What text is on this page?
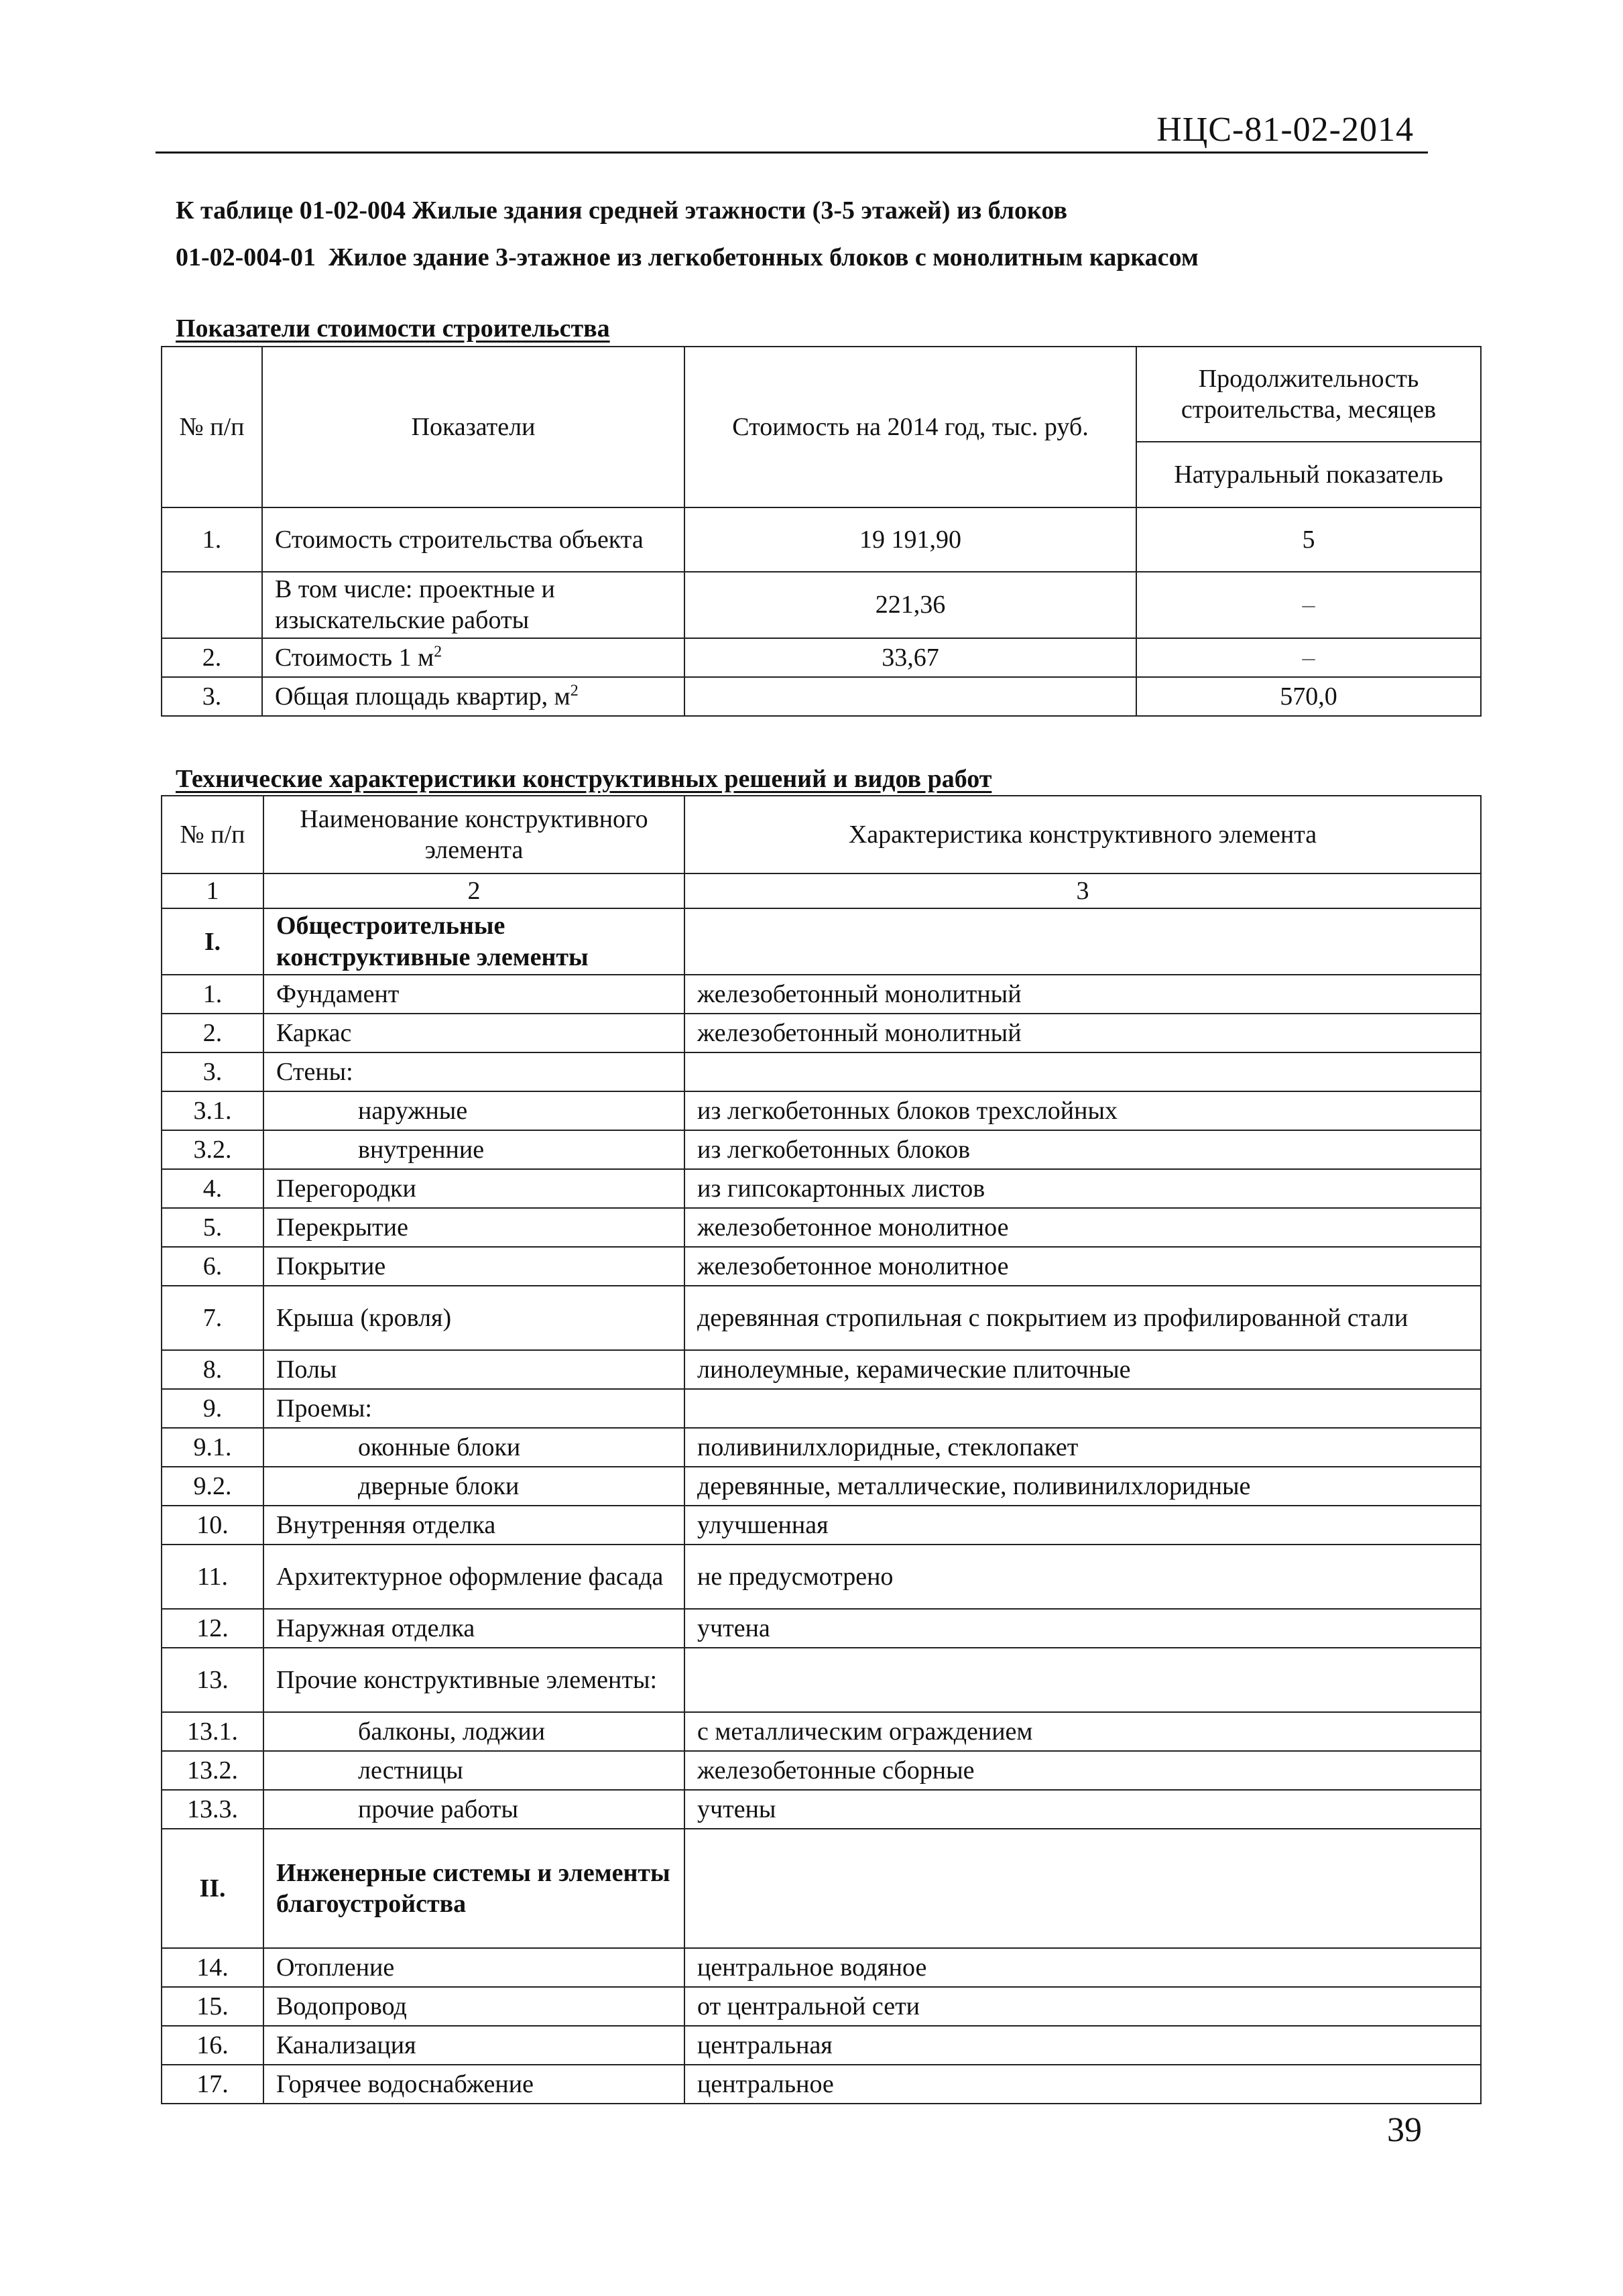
НЦС-81-02-2014
К таблице 01-02-004 Жилые здания средней этажности (3-5 этажей) из блоков
01-02-004-01  Жилое здание 3-этажное из легкобетонных блоков с монолитным каркасом
Показатели стоимости строительства
№ п/п	Показатели	Стоимость на 2014 год, тыс. руб.	Продолжительность строительства, месяцев
			Натуральный показатель
1.	Стоимость строительства объекта	19 191,90	5
	В том числе: проектные и изыскательские работы	221,36	–
2.	Стоимость 1 $м^2$	33,67	–
3.	Общая площадь квартир, $м^2$		570,0
Технические характеристики конструктивных решений и видов работ
№ п/п	Наименование конструктивного элемента	Характеристика конструктивного элемента
1	2	3
I.	Общестроительные конструктивные элементы	
1.	Фундамент	железобетонный монолитный
2.	Каркас	железобетонный монолитный
3.	Стены:	
3.1.	наружные	из легкобетонных блоков трехслойных
3.2.	внутренние	из легкобетонных блоков
4.	Перегородки	из гипсокартонных листов
5.	Перекрытие	железобетонное монолитное
6.	Покрытие	железобетонное монолитное
7.	Крыша (кровля)	деревянная стропильная с покрытием из профилированной стали
8.	Полы	линолеумные, керамические плиточные
9.	Проемы:	
9.1.	оконные блоки	поливинилхлоридные, стеклопакет
9.2.	дверные блоки	деревянные, металлические, поливинилхлоридные
10.	Внутренняя отделка	улучшенная
11.	Архитектурное оформление фасада	не предусмотрено
12.	Наружная отделка	учтена
13.	Прочие конструктивные элементы:	
13.1.	балконы, лоджии	с металлическим ограждением
13.2.	лестницы	железобетонные сборные
13.3.	прочие работы	учтены
II.	Инженерные системы и элементы благоустройства	
14.	Отопление	центральное водяное
15.	Водопровод	от центральной сети
16.	Канализация	центральная
17.	Горячее водоснабжение	центральное
39
